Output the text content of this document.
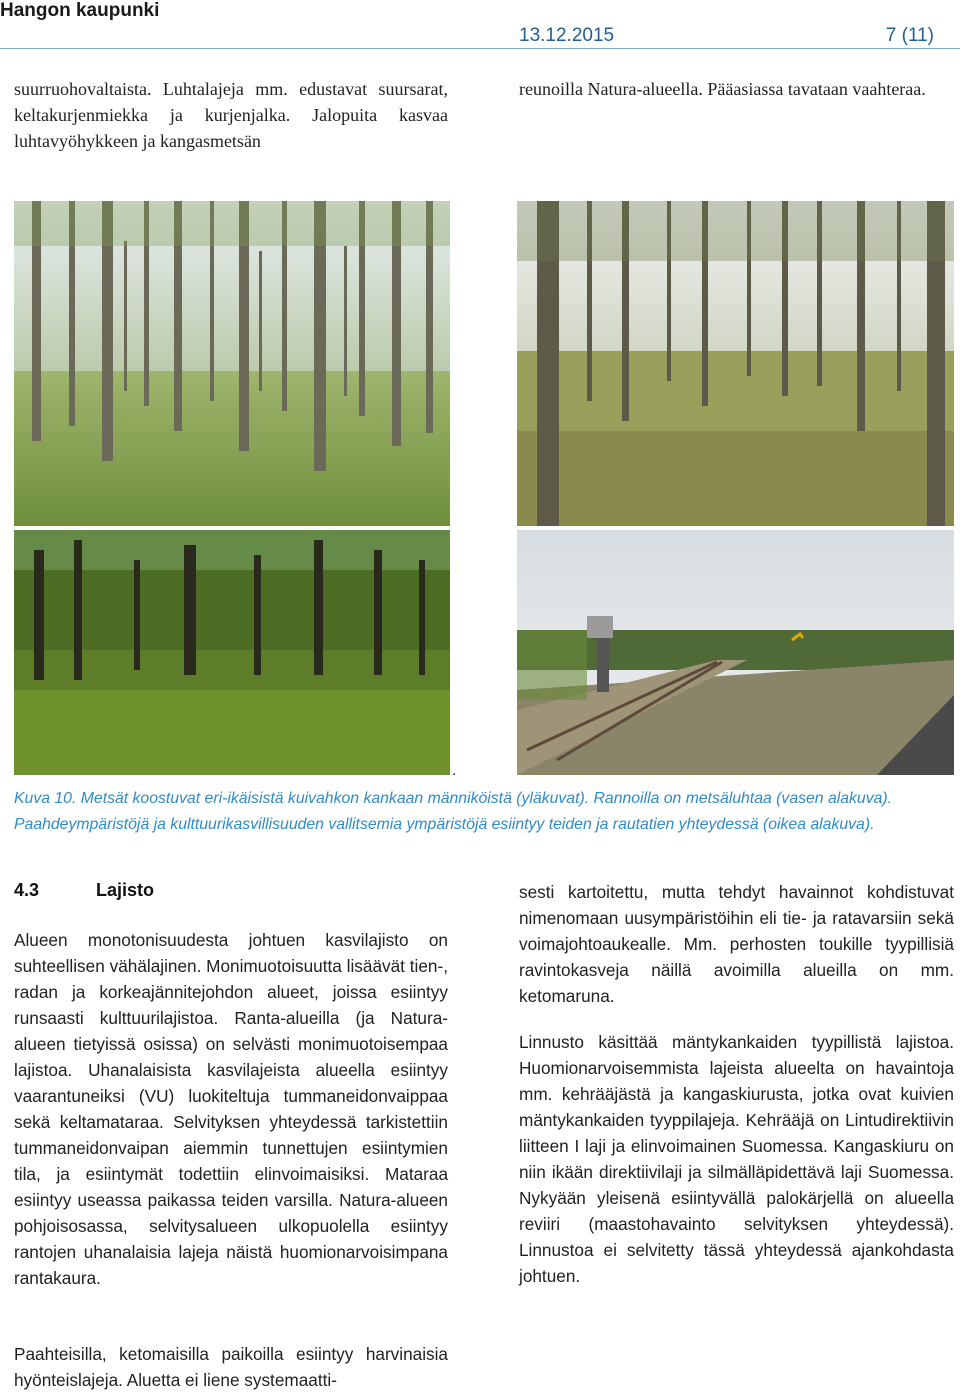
Hangon kaupunki
13.12.2015	7 (11)
suurruohovaltaista. Luhtalajeja mm. edustavat suursarat, keltakurjenmiekka ja kurjenjalka. Jalopuita kasvaa luhtavyöhykkeen ja kangasmetsän
reunoilla Natura-alueella. Pääasiassa tavataan vaahteraa.
.
Kuva 10. Metsät koostuvat eri-ikäisistä kuivahkon kankaan männiköistä (yläkuvat). Rannoilla on metsäluhtaa (vasen alakuva). Paahdeympäristöjä ja kulttuurikasvillisuuden vallitsemia ympäristöjä esiintyy teiden ja rautatien yhteydessä (oikea alakuva).
4.3	Lajisto
Alueen monotonisuudesta johtuen kasvilajisto on suhteellisen vähälajinen. Monimuotoisuutta lisäävät tien-, radan ja korkeajännitejohdon alueet, joissa esiintyy runsaasti kulttuurilajistoa. Ranta-alueilla (ja Natura-alueen tietyissä osissa) on selvästi monimuotoisempaa lajistoa. Uhanalaisista kasvilajeista alueella esiintyy vaarantuneiksi (VU) luokiteltuja tummaneidonvaippaa sekä keltamataraa. Selvityksen yhteydessä tarkistettiin tummaneidonvaipan aiemmin tunnettujen esiintymien tila, ja esiintymät todettiin elinvoimaisiksi. Mataraa esiintyy useassa paikassa teiden varsilla. Natura-alueen pohjoisosassa, selvitysalueen ulkopuolella esiintyy rantojen uhanalaisia lajeja näistä huomionarvoisimpana rantakaura.
Paahteisilla, ketomaisilla paikoilla esiintyy harvinaisia hyönteislajeja. Aluetta ei liene systemaatti-
sesti kartoitettu, mutta tehdyt havainnot kohdistuvat nimenomaan uusympäristöihin eli tie- ja ratavarsiin sekä voimajohtoaukealle. Mm. perhosten toukille tyypillisiä ravintokasveja näillä avoimilla alueilla on mm. ketomaruna.
Linnusto käsittää mäntykankaiden tyypillistä lajistoa. Huomionarvoisemmista lajeista alueelta on havaintoja mm. kehrääjästä ja kangaskiurusta, jotka ovat kuivien mäntykankaiden tyyppilajeja. Kehrääjä on Lintudirektiivin liitteen I laji ja elinvoimainen Suomessa. Kangaskiuru on niin ikään direktiivilaji ja silmälläpidettävä laji Suomessa. Nykyään yleisenä esiintyvällä palokärjellä on alueella reviiri (maastohavainto selvityksen yhteydessä). Linnustoa ei selvitetty tässä yhteydessä ajankohdasta johtuen.
